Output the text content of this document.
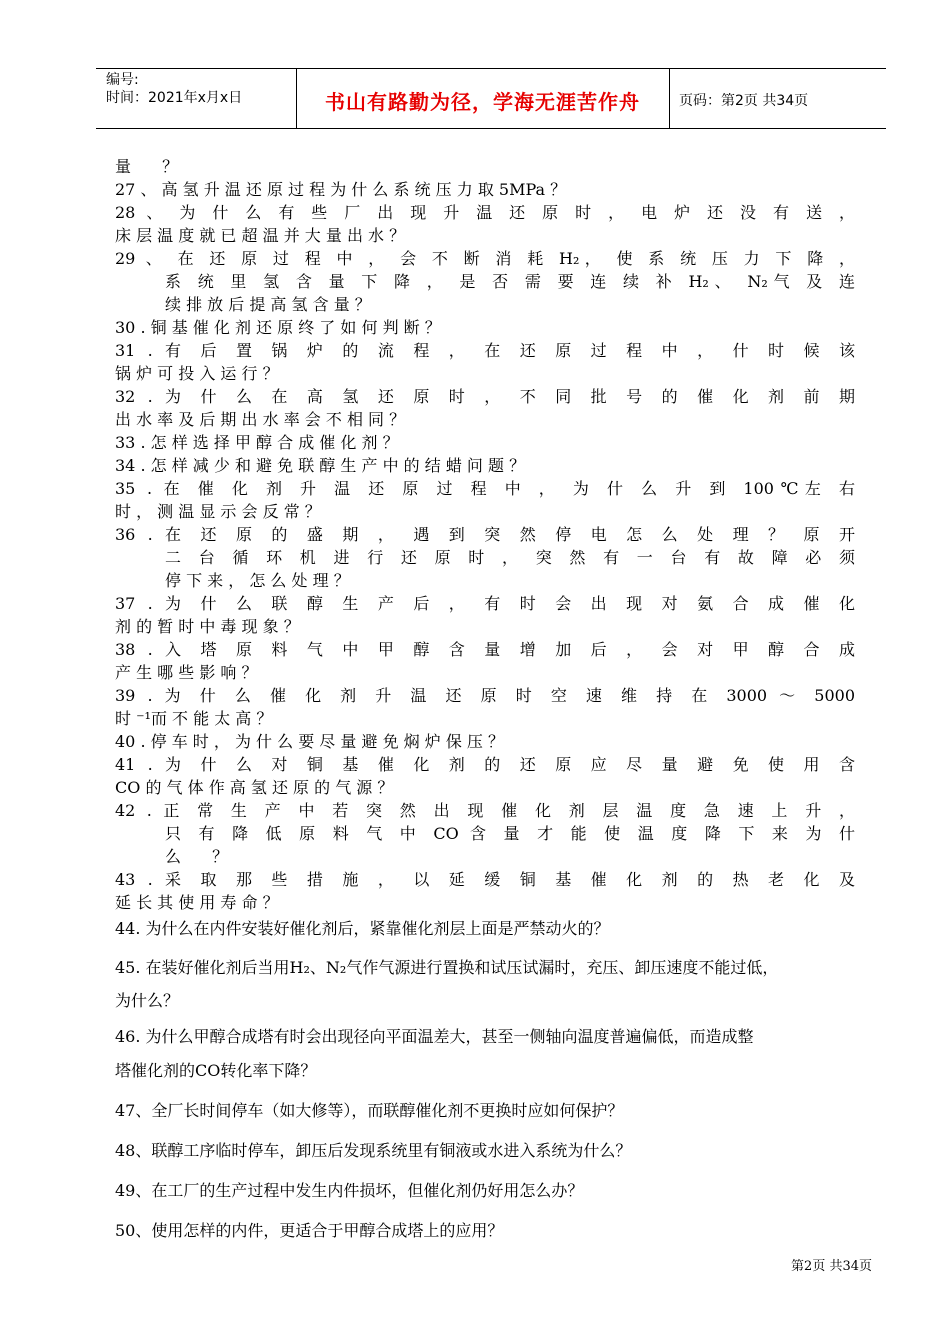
编号:
时间：2021年x月x日	书山有路勤为径，学海无涯苦作舟	页码：第2页 共34页
量 ？
27 、 高 氢 升 温 还 原 过 程 为 什 么 系 统 压 力 取 5MPa ？
28 、 为 什 么 有 些 厂 出 现 升 温 还 原 时 ， 电 炉 还 没 有 送 ，
床 层 温 度 就 已 超 温 并 大 量 出 水 ？
29 、 在 还 原 过 程 中 ， 会 不 断 消 耗 H₂， 使 系 统 压 力 下 降 ，
系 统 里 氢 含 量 下 降 ， 是 否 需 要 连 续 补 H₂、 N₂气 及 连
续 排 放 后 提 高 氢 含 量 ？
30 . 铜 基 催 化 剂 还 原 终 了 如 何 判 断 ？
31 . 有 后 置 锅 炉 的 流 程 ， 在 还 原 过 程 中 ， 什 时 候 该
锅 炉 可 投 入 运 行 ？
32 . 为 什 么 在 高 氢 还 原 时 ， 不 同 批 号 的 催 化 剂 前 期
出 水 率 及 后 期 出 水 率 会 不 相 同 ？
33 . 怎 样 选 择 甲 醇 合 成 催 化 剂 ？
34 . 怎 样 减 少 和 避 免 联 醇 生 产 中 的 结 蜡 问 题 ？
35 . 在 催 化 剂 升 温 还 原 过 程 中 ， 为 什 么 升 到 100℃左 右
时 ， 测 温 显 示 会 反 常 ？
36 . 在 还 原 的 盛 期 ， 遇 到 突 然 停 电 怎 么 处 理 ？ 原 开
二 台 循 环 机 进 行 还 原 时 ， 突 然 有 一 台 有 故 障 必 须
停 下 来 ， 怎 么 处 理 ？
37 . 为 什 么 联 醇 生 产 后 ， 有 时 会 出 现 对 氨 合 成 催 化
剂 的 暂 时 中 毒 现 象 ？
38 . 入 塔 原 料 气 中 甲 醇 含 量 增 加 后 ， 会 对 甲 醇 合 成
产 生 哪 些 影 响 ？
39 . 为 什 么 催 化 剂 升 温 还 原 时 空 速 维 持 在 3000 ～ 5000
时 ⁻¹而 不 能 太 高 ？
40 . 停 车 时 ， 为 什 么 要 尽 量 避 免 焖 炉 保 压 ？
41 . 为 什 么 对 铜 基 催 化 剂 的 还 原 应 尽 量 避 免 使 用 含
CO 的 气 体 作 高 氢 还 原 的 气 源 ？
42 . 正 常 生 产 中 若 突 然 出 现 催 化 剂 层 温 度 急 速 上 升 ，
只 有 降 低 原 料 气 中 CO 含 量 才 能 使 温 度 降 下 来 为 什
么 ？
43 . 采 取 那 些 措 施 ， 以 延 缓 铜 基 催 化 剂 的 热 老 化 及
延 长 其 使 用 寿 命 ？
44. 为什么在内件安装好催化剂后，紧靠催化剂层上面是严禁动火的？
45. 在装好催化剂后当用H₂、N₂气作气源进行置换和试压试漏时，充压、卸压速度不能过低，
为什么？
46. 为什么甲醇合成塔有时会出现径向平面温差大，甚至一侧轴向温度普遍偏低，而造成整
塔催化剂的CO转化率下降？
47、全厂长时间停车（如大修等），而联醇催化剂不更换时应如何保护？
48、联醇工序临时停车，卸压后发现系统里有铜液或水进入系统为什么？
49、在工厂的生产过程中发生内件损坏，但催化剂仍好用怎么办？
50、使用怎样的内件，更适合于甲醇合成塔上的应用？
第2页 共34页
